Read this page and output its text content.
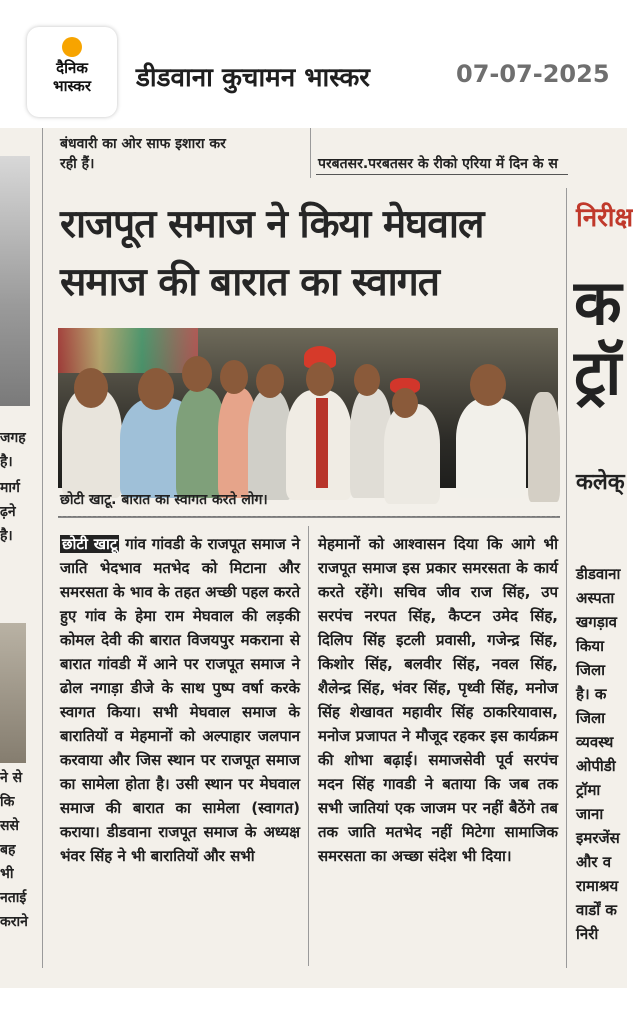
दैनिक
भास्कर	डीडवाना कुचामन भास्कर	07-07-2025
जगह
है।
मार्ग
ढ़ने
है।
ने से
कि
ससे
बह
भी
नताई
कराने
बंधवारी का ओर साफ इशारा कर
रही हैं।	परबतसर.परबतसर के रीको एरिया में दिन के स
राजपूत समाज ने किया मेघवाल
समाज की बारात का स्वागत
छोटी खाटू. बारात का स्वागत करते लोग।

छोटी खाटू गांव गांवडी के राजपूत समाज ने जाति भेदभाव मतभेद को मिटाना और समरसता के भाव के तहत अच्छी पहल करते हुए गांव के हेमा राम मेघवाल की लड़की कोमल देवी की बारात विजयपुर मकराना से बारात गांवडी में आने पर राजपूत समाज ने ढोल नगाड़ा डीजे के साथ पुष्प वर्षा करके स्वागत किया। सभी मेघवाल समाज के बारातियों व मेहमानों को अल्पाहार जलपान करवाया और जिस स्थान पर राजपूत समाज का सामेला होता है। उसी स्थान पर मेघवाल समाज की बारात का सामेला (स्वागत) कराया। डीडवाना राजपूत समाज के अध्यक्ष भंवर सिंह ने भी बारातियों और सभी

मेहमानों को आश्वासन दिया कि आगे भी राजपूत समाज इस प्रकार समरसता के कार्य करते रहेंगे। सचिव जीव राज सिंह, उप सरपंच नरपत सिंह, कैप्टन उमेद सिंह, दिलिप सिंह इटली प्रवासी, गजेन्द्र सिंह, किशोर सिंह, बलवीर सिंह, नवल सिंह, शैलेन्द्र सिंह, भंवर सिंह, पृथ्वी सिंह, मनोज सिंह शेखावत महावीर सिंह ठाकरियावास, मनोज प्रजापत ने मौजूद रहकर इस कार्यक्रम की शोभा बढ़ाई। समाजसेवी पूर्व सरपंच मदन सिंह गावडी ने बताया कि जब तक सभी जातियां एक जाजम पर नहीं बैठेंगे तब तक जाति मतभेद नहीं मिटेगा सामाजिक समरसता का अच्छा संदेश भी दिया।

निरीक्ष
क
ट्रॉ
कलेक्
डीडवाना
अस्पता
खगड़ाव
किया
जिला
है। क
जिला
व्यवस्थ
ओपीडी
ट्रॉमा
जाना
इमरजेंस
और व
रामाश्रय
वार्डों क
निरी
